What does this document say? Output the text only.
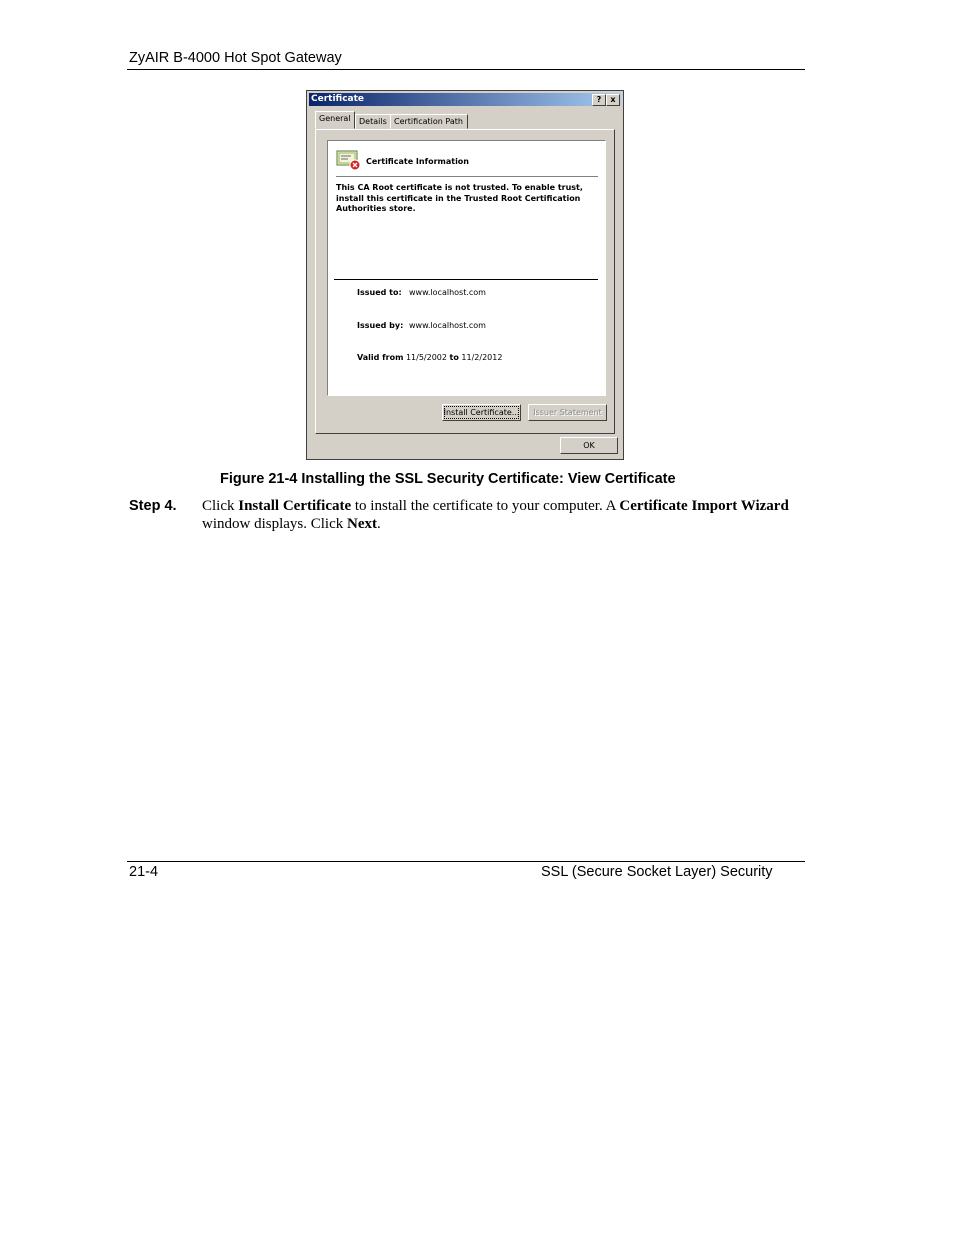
ZyAIR B-4000 Hot Spot Gateway
Certificate	?	x
General	Details Certification Path
Certificate Information
This CA Root certificate is not trusted. To enable trust, install this certificate in the Trusted Root Certification Authorities store.
Issued to: www.localhost.com
Issued by: www.localhost.com
Valid from 11/5/2002 to 11/2/2012
Install Certificate...	Issuer Statement
OK
Figure 21-4 Installing the SSL Security Certificate: View Certificate
Step 4. Click Install Certificate to install the certificate to your computer. A Certificate Import Wizard window displays. Click Next.
21-4	SSL (Secure Socket Layer) Security
